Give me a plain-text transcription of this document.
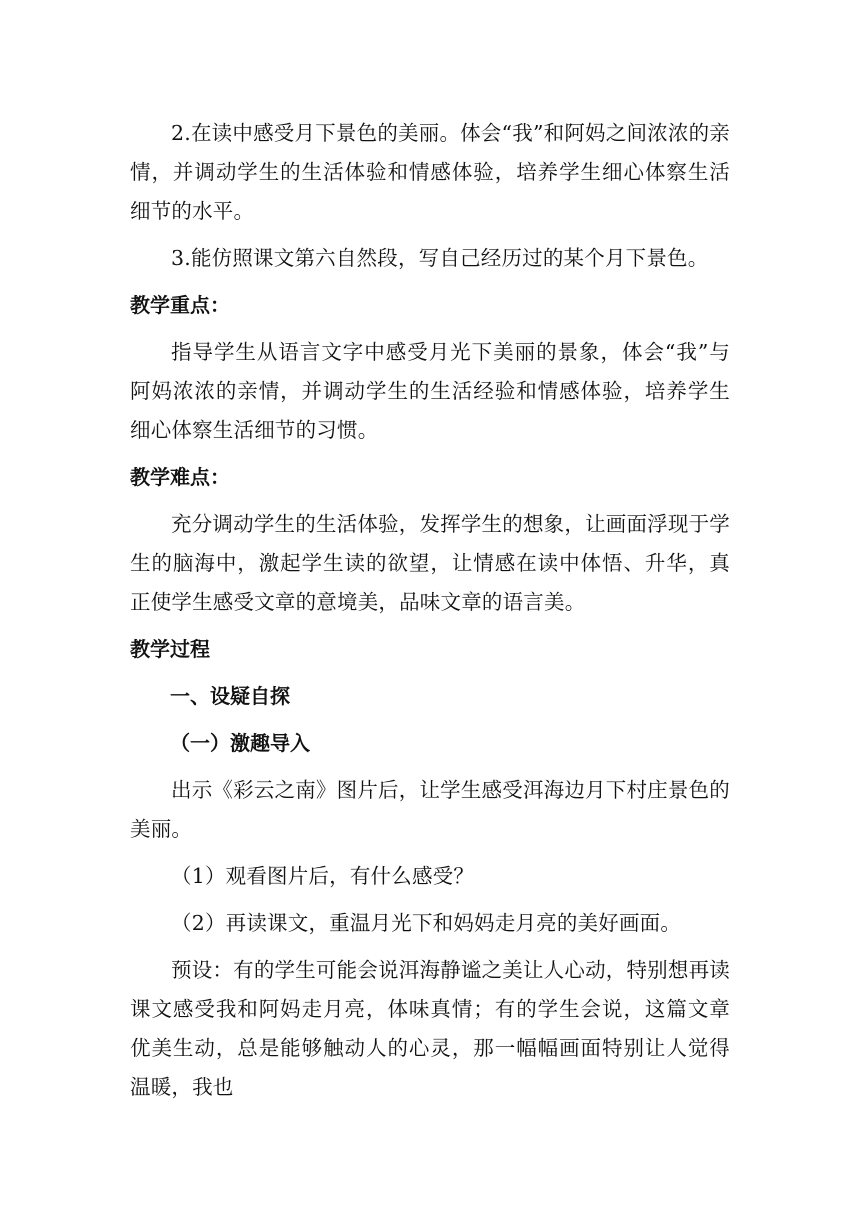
2.在读中感受月下景色的美丽。体会“我”和阿妈之间浓浓的亲情，并调动学生的生活体验和情感体验，培养学生细心体察生活细节的水平。

3.能仿照课文第六自然段，写自己经历过的某个月下景色。

教学重点：

指导学生从语言文字中感受月光下美丽的景象，体会“我”与阿妈浓浓的亲情，并调动学生的生活经验和情感体验，培养学生细心体察生活细节的习惯。

教学难点：

充分调动学生的生活体验，发挥学生的想象，让画面浮现于学生的脑海中，激起学生读的欲望，让情感在读中体悟、升华，真正使学生感受文章的意境美，品味文章的语言美。

教学过程

一、设疑自探

（一）激趣导入

出示《彩云之南》图片后，让学生感受洱海边月下村庄景色的美丽。

（1）观看图片后，有什么感受？

（2）再读课文，重温月光下和妈妈走月亮的美好画面。

预设：有的学生可能会说洱海静谧之美让人心动，特别想再读课文感受我和阿妈走月亮，体味真情；有的学生会说，这篇文章优美生动，总是能够触动人的心灵，那一幅幅画面特别让人觉得温暖，我也
